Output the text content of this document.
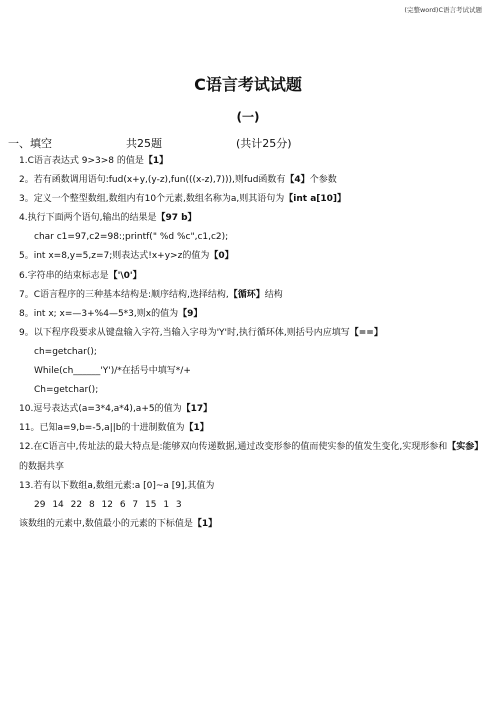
(完整word)C语言考试试题
C语言考试试题
(一)
一、填空	共25题	(共计25分)
1.C语言表达式 9>3>8 的值是【1】
2。若有函数调用语句:fud(x+y,(y-z),fun(((x-z),7))),则fud函数有【4】个参数
3。定义一个整型数组,数组内有10个元素,数组名称为a,则其语句为【int a[10]】
4.执行下面两个语句,输出的结果是【97 b】
char c1=97,c2=98:;printf(" %d %c",c1,c2);
5。int x=8,y=5,z=7;则表达式!x+y>z的值为【0】
6.字符串的结束标志是【'\0'】
7。C语言程序的三种基本结构是:顺序结构,选择结构,【循环】结构
8。int x; x=—3+%4—5*3,则x的值为【9】
9。以下程序段要求从键盘输入字符,当输入字母为'Y'时,执行循环体,则括号内应填写【==】
ch=getchar();
While(ch______'Y')/*在括号中填写*/+
Ch=getchar();
10.逗号表达式(a=3*4,a*4),a+5的值为【17】
11。已知a=9,b=-5,a||b的十进制数值为【1】
12.在C语言中,传址法的最大特点是:能够双向传递数据,通过改变形参的值而使实参的值发生变化,实现形参和【实参】的数据共享
13.若有以下数组a,数组元素:a [0]~a [9],其值为
29 14 22 8 12 6 7 15 1 3
该数组的元素中,数值最小的元素的下标值是【1】
